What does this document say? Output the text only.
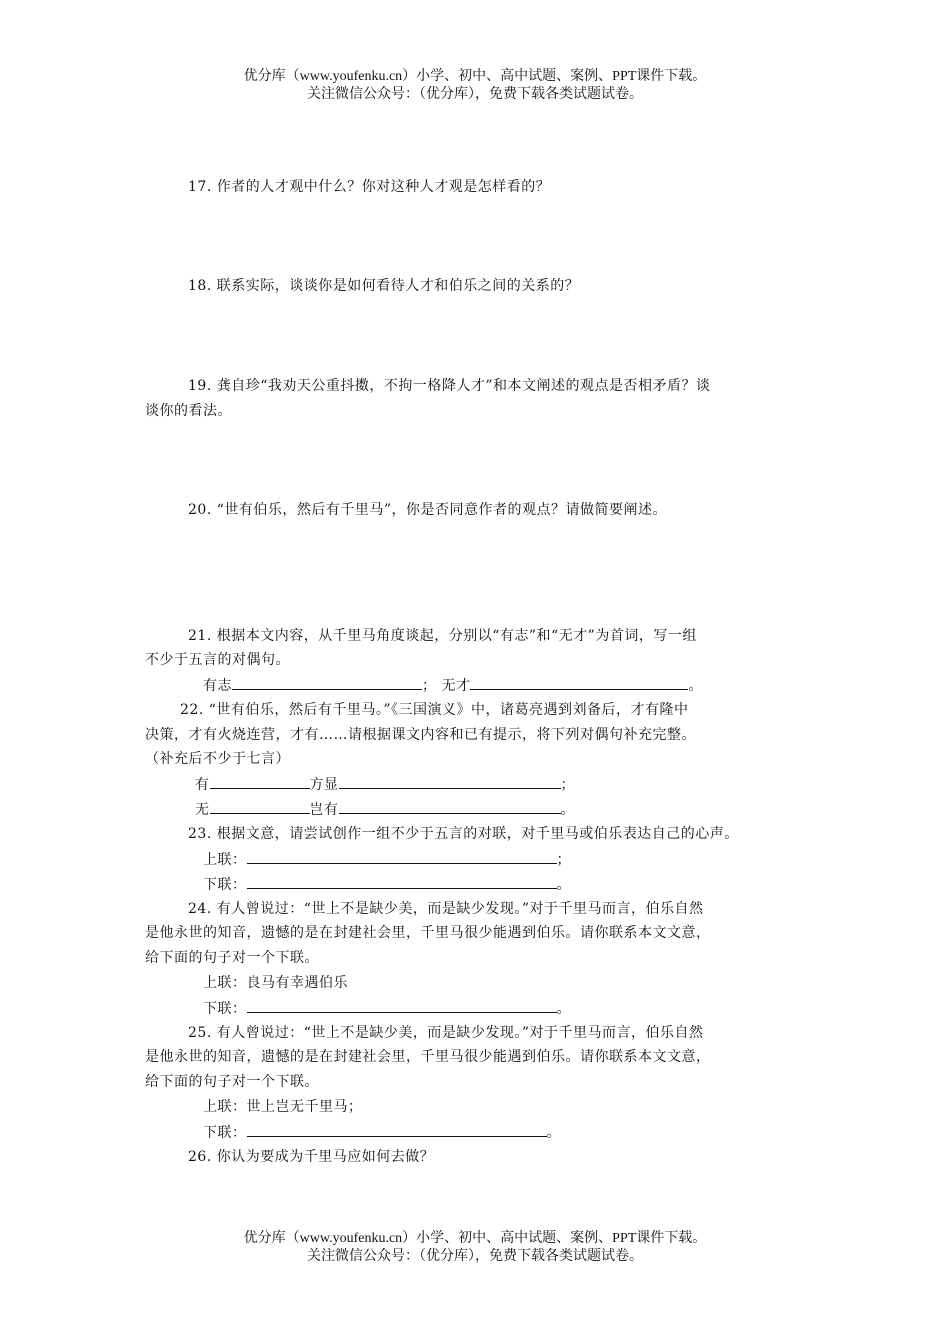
优分库（www.youfenku.cn）小学、初中、高中试题、案例、PPT课件下载。
关注微信公众号：（优分库），免费下载各类试题试卷。
17. 作者的人才观中什么？你对这种人才观是怎样看的？
18. 联系实际，谈谈你是如何看待人才和伯乐之间的关系的？
19. 龚自珍“我劝天公重抖擞，不拘一格降人才”和本文阐述的观点是否相矛盾？谈
谈你的看法。
20. “世有伯乐，然后有千里马”，你是否同意作者的观点？请做简要阐述。
21. 根据本文内容，从千里马角度谈起，分别以“有志”和“无才”为首词，写一组
不少于五言的对偶句。
有志	； 无才	。
22. “世有伯乐，然后有千里马。”《三国演义》中，诸葛亮遇到刘备后，才有隆中
决策，才有火烧连营，才有……请根据课文内容和已有提示，将下列对偶句补充完整。
（补充后不少于七言）
有	方显	；
无	岂有	。
23. 根据文意，请尝试创作一组不少于五言的对联，对千里马或伯乐表达自己的心声。
上联：	；
下联：	。
24. 有人曾说过：“世上不是缺少美，而是缺少发现。”对于千里马而言，伯乐自然
是他永世的知音，遗憾的是在封建社会里，千里马很少能遇到伯乐。请你联系本文文意，
给下面的句子对一个下联。
上联：良马有幸遇伯乐
下联：	。
25. 有人曾说过：“世上不是缺少美，而是缺少发现。”对于千里马而言，伯乐自然
是他永世的知音，遗憾的是在封建社会里，千里马很少能遇到伯乐。请你联系本文文意，
给下面的句子对一个下联。
上联：世上岂无千里马；
下联：	。
26. 你认为要成为千里马应如何去做？
优分库（www.youfenku.cn）小学、初中、高中试题、案例、PPT课件下载。
关注微信公众号：（优分库），免费下载各类试题试卷。
